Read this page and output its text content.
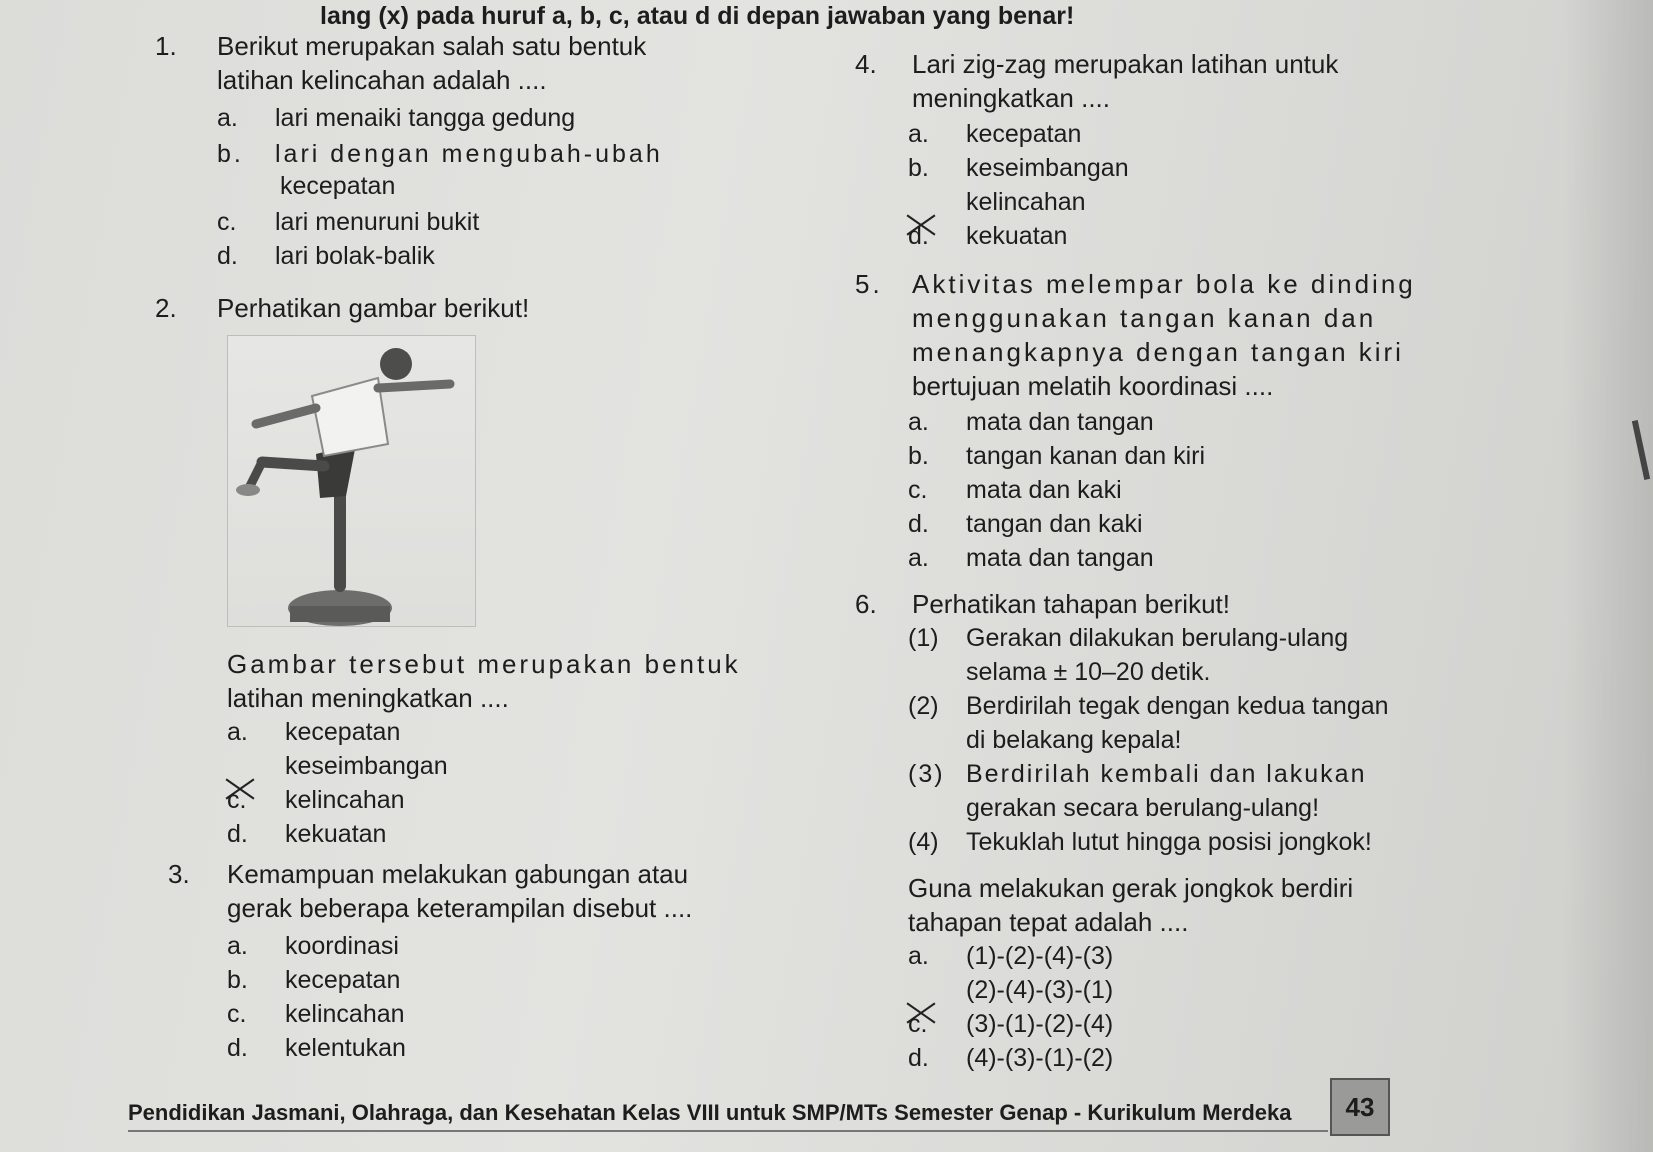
lang (x) pada huruf a, b, c, atau d di depan jawaban yang benar!
1. Berikut merupakan salah satu bentuk
latihan kelincahan adalah ....
a. lari menaiki tangga gedung
b. lari dengan mengubah-ubah
kecepatan
c. lari menuruni bukit
d. lari bolak-balik
2. Perhatikan gambar berikut!
Gambar tersebut merupakan bentuk
latihan meningkatkan ....
a. kecepatan
keseimbangan
c. kelincahan
d. kekuatan
3. Kemampuan melakukan gabungan atau
gerak beberapa keterampilan disebut ....
a. koordinasi
b. kecepatan
c. kelincahan
d. kelentukan
4. Lari zig-zag merupakan latihan untuk
meningkatkan ....
a. kecepatan
b. keseimbangan
kelincahan
d. kekuatan
5. Aktivitas melempar bola ke dinding
menggunakan tangan kanan dan
menangkapnya dengan tangan kiri
bertujuan melatih koordinasi ....
a. mata dan tangan
b. tangan kanan dan kiri
c. mata dan kaki
d. tangan dan kaki
a. mata dan tangan
6. Perhatikan tahapan berikut!
(1) Gerakan dilakukan berulang-ulang
selama ± 10–20 detik.
(2) Berdirilah tegak dengan kedua tangan
di belakang kepala!
(3) Berdirilah kembali dan lakukan
gerakan secara berulang-ulang!
(4) Tekuklah lutut hingga posisi jongkok!
Guna melakukan gerak jongkok berdiri
tahapan tepat adalah ....
a. (1)-(2)-(4)-(3)
(2)-(4)-(3)-(1)
c. (3)-(1)-(2)-(4)
d. (4)-(3)-(1)-(2)
Pendidikan Jasmani, Olahraga, dan Kesehatan Kelas VIII untuk SMP/MTs Semester Genap - Kurikulum Merdeka	43
